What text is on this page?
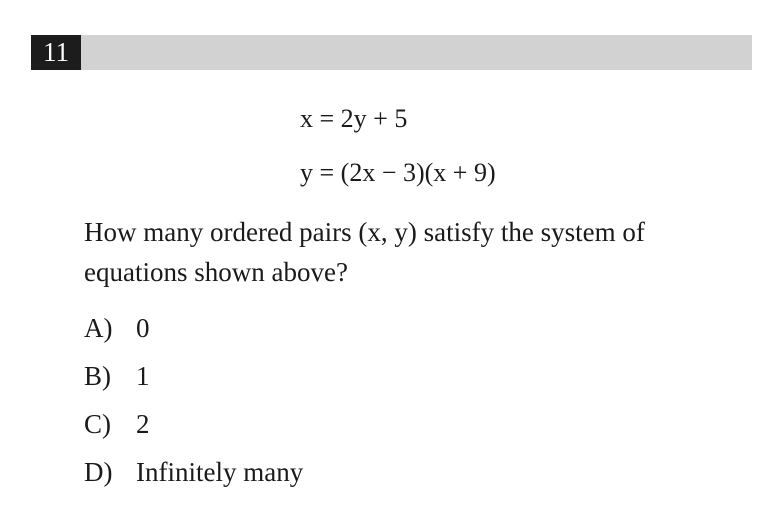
11
x = 2y + 5
y = (2x − 3)(x + 9)
How many ordered pairs (x, y) satisfy the system of equations shown above?
A) 0
B) 1
C) 2
D) Infinitely many
